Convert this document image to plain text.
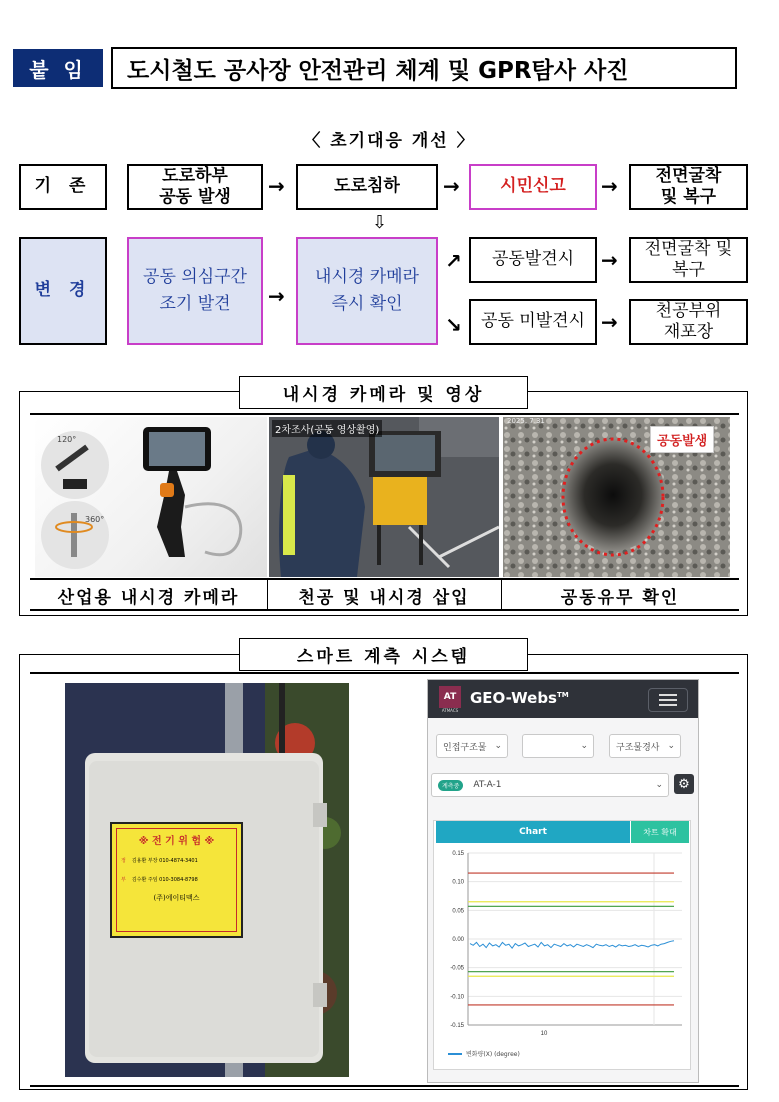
붙 임	도시철도 공사장 안전관리 체계 및 GPR탐사 사진
〈 초기대응 개선 〉
기 존
도로하부
공동 발생 →	도로침하 → 시민신고 → 전면굴착
및 복구
⇩
변 경
공동 의심구간
조기 발견	→
내시경 카메라
즉시 확인
↗
↘
공동발견시 → 전면굴착 및
복구
공동 미발견시 → 천공부위
재포장
내시경 카메라 및 영상
120°
360°
2차조사(공동 영상촬영)
2025. 7.31
공동발생
산업용 내시경 카메라	천공 및 내시경 삽입	공동유무 확인
스마트 계측 시스템
※ 전 기 위 험 ※
정 김용환 부장 010-4874-3401
부 김수환 주임 010-3084-8798
(주)에이티맥스
AT
ATMACS
GEO-Webs™
인접구조물 ⌄	⌄	구조물경사 ⌄
계측중	AT-A-1	⌄	⚙
Chart	차트 확대
0.15
0.10
0.05
0.00
-0.05
-0.10
-0.15
10
변화량(X) (degree)
